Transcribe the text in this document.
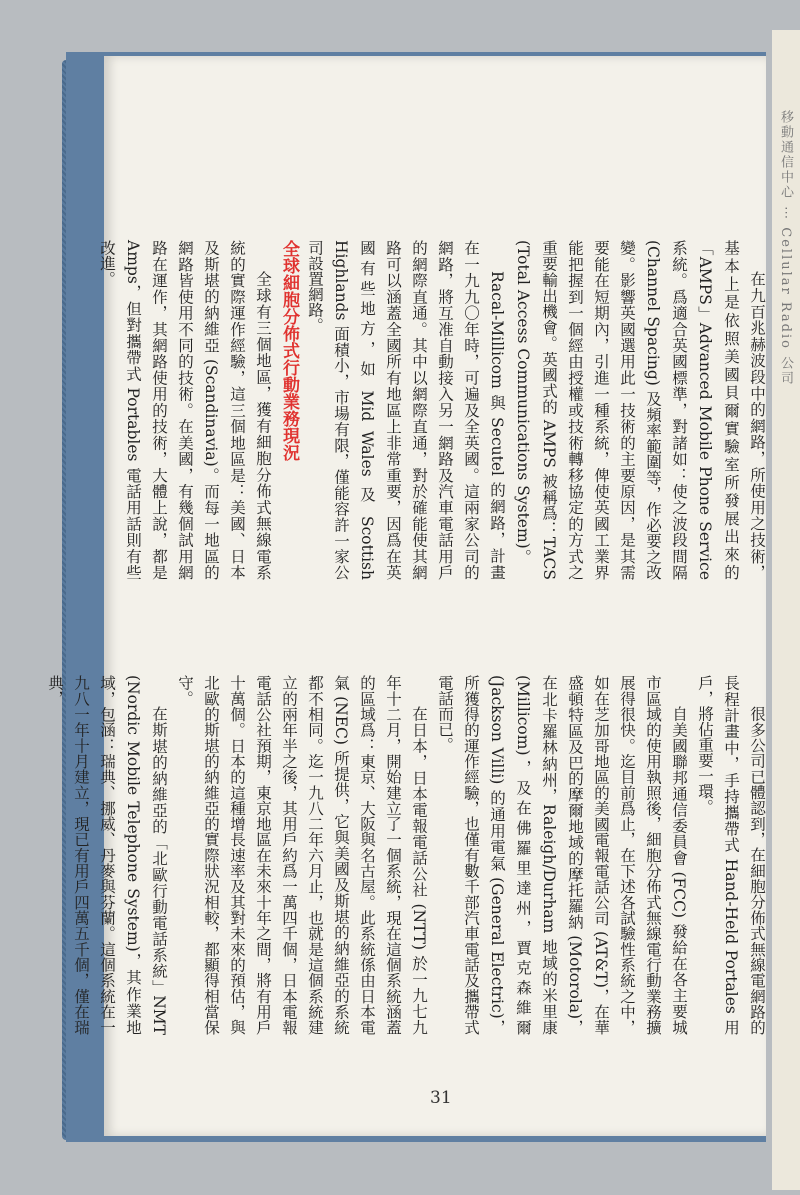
移動通信中心 ⋯ Cellular Radio 公司

在九百兆赫波段中的網路，所使用之技術，基本上是依照美國貝爾實驗室所發展出來的「AMPS」Advanced Mobile Phone Service 系統。爲適合英國標準，對諸如：使之波段間隔 (Channel Spacing) 及頻率範圍等，作必要之改變。影響英國選用此一技術的主要原因，是其需要能在短期內，引進一種系統，俾使英國工業界能把握到一個經由授權或技術轉移協定的方式之重要輸出機會。英國式的 AMPS 被稱爲：TACS (Total Access Communications System)。

Racal-Millicom 與 Secutel 的網路，計畫在一九九〇年時，可遍及全英國。這兩家公司的網路，將互准自動接入另一網路及汽車電話用戶的網際直通。其中以網際直通，對於確能使其網路可以涵蓋全國所有地區上非常重要，因爲在英國有些地方，如 Mid Wales 及 Scottish Highlands 面積小，市場有限，僅能容許一家公司設置網路。

全球細胞分佈式行動業務現況

全球有三個地區，獲有細胞分佈式無線電系統的實際運作經驗，這三個地區是：美國、日本及斯堪的納維亞 (Scandinavia)。而每一地區的網路皆使用不同的技術。在美國，有幾個試用網路在運作，其網路使用的技術，大體上說，都是 Amps，但對攜帶式 Portables 電話用話則有些改進。

很多公司已體認到，在細胞分佈式無線電網路的長程計畫中，手持攜帶式 Hand-Held Portales 用戶，將佔重要一環。

自美國聯邦通信委員會 (FCC) 發給在各主要城市區域的使用執照後，細胞分佈式無線電行動業務擴展得很快。迄目前爲止，在下述各試驗性系統之中，如在芝加哥地區的美國電報電話公司 (AT&T)，在華盛頓特區及巴的摩爾地域的摩托羅納 (Motorola)，在北卡羅林納州，Raleigh/Durham 地域的米里康 (Millicom)，及在佛羅里達州，賈克森維爾 (Jackson Villi) 的通用電氣 (General Electric)，所獲得的運作經驗，也僅有數千部汽車電話及攜帶式電話而已。

在日本，日本電報電話公社 (NTT) 於一九七九年十二月，開始建立了一個系統，現在這個系統涵蓋的區域爲：東京、大阪與名古屋。此系統係由日本電氣 (NEC) 所提供，它與美國及斯堪的納維亞的系統都不相同。迄一九八二年六月止，也就是這個系統建立的兩年半之後，其用戶約爲一萬四千個，日本電報電話公社預期，東京地區在未來十年之間，將有用戶十萬個。日本的這種增長速率及其對未來的預估，與北歐的斯堪的納維亞的實際狀況相較，都顯得相當保守。

在斯堪的納維亞的「北歐行動電話系統」NMT (Nordic Mobile Telephone System)，其作業地域，包涵：瑞典、挪威、丹麥與芬蘭。這個系統在一九八一年十月建立，現已有用戶四萬五千個，僅在瑞典，

31
